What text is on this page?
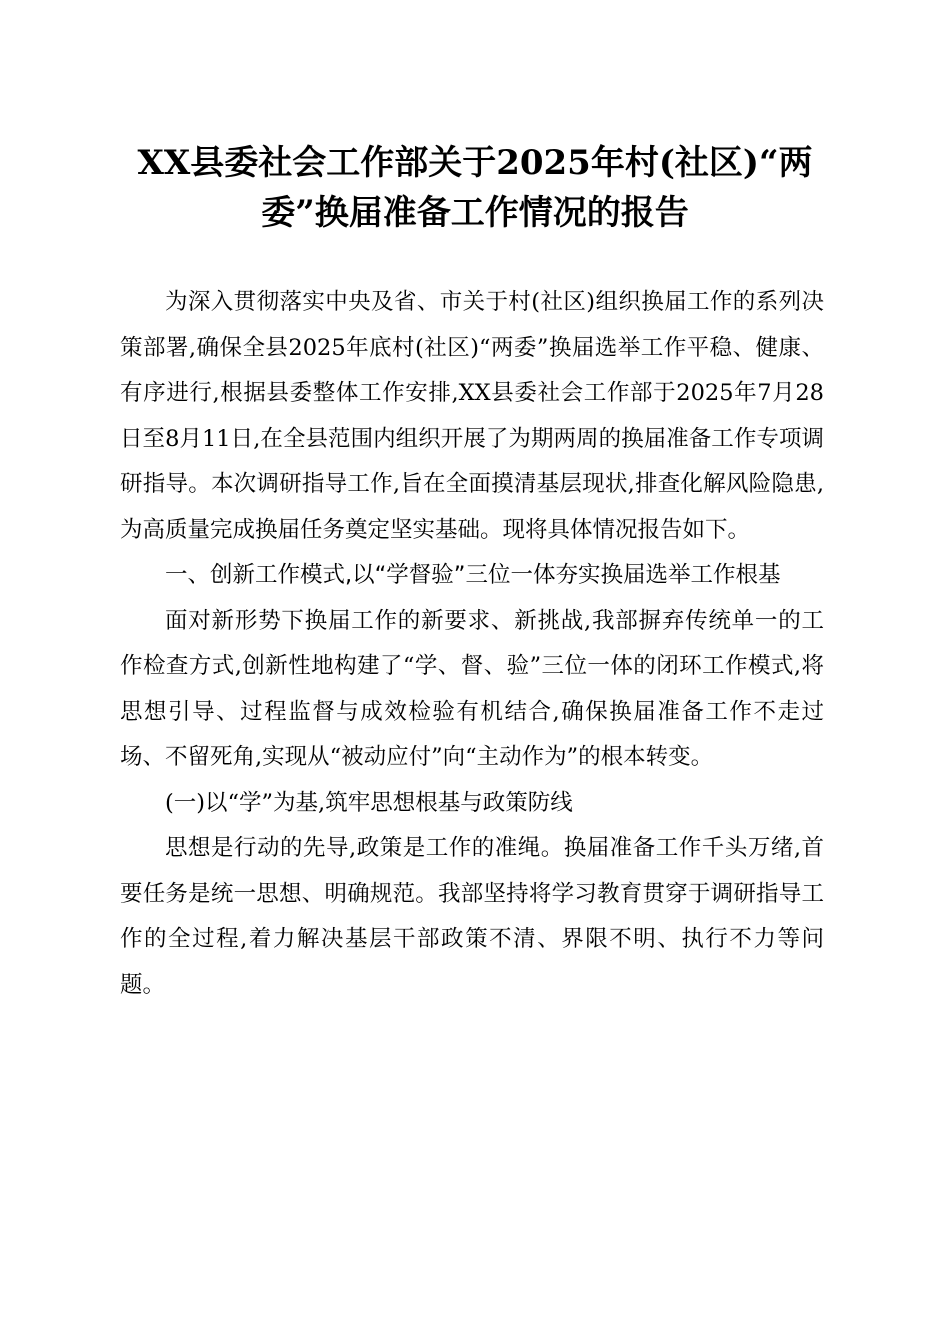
XX县委社会工作部关于2025年村(社区)“两委”换届准备工作情况的报告

为深入贯彻落实中央及省、市关于村(社区)组织换届工作的系列决策部署,确保全县2025年底村(社区)“两委”换届选举工作平稳、健康、有序进行,根据县委整体工作安排,XX县委社会工作部于2025年7月28日至8月11日,在全县范围内组织开展了为期两周的换届准备工作专项调研指导。本次调研指导工作,旨在全面摸清基层现状,排查化解风险隐患,为高质量完成换届任务奠定坚实基础。现将具体情况报告如下。

一、创新工作模式,以“学督验”三位一体夯实换届选举工作根基

面对新形势下换届工作的新要求、新挑战,我部摒弃传统单一的工作检查方式,创新性地构建了“学、督、验”三位一体的闭环工作模式,将思想引导、过程监督与成效检验有机结合,确保换届准备工作不走过场、不留死角,实现从“被动应付”向“主动作为”的根本转变。

(一)以“学”为基,筑牢思想根基与政策防线

思想是行动的先导,政策是工作的准绳。换届准备工作千头万绪,首要任务是统一思想、明确规范。我部坚持将学习教育贯穿于调研指导工作的全过程,着力解决基层干部政策不清、界限不明、执行不力等问题。
